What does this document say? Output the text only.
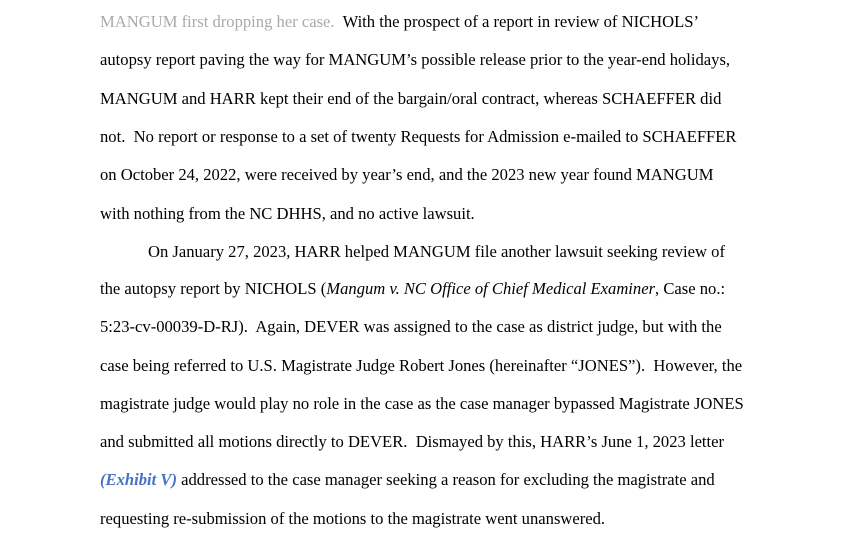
MANGUM first dropping her case.  With the prospect of a report in review of NICHOLS’
autopsy report paving the way for MANGUM’s possible release prior to the year-end holidays,
MANGUM and HARR kept their end of the bargain/oral contract, whereas SCHAEFFER did
not.  No report or response to a set of twenty Requests for Admission e-mailed to SCHAEFFER
on October 24, 2022, were received by year’s end, and the 2023 new year found MANGUM
with nothing from the NC DHHS, and no active lawsuit.
On January 27, 2023, HARR helped MANGUM file another lawsuit seeking review of
the autopsy report by NICHOLS (Mangum v. NC Office of Chief Medical Examiner, Case no.:
5:23-cv-00039-D-RJ).  Again, DEVER was assigned to the case as district judge, but with the
case being referred to U.S. Magistrate Judge Robert Jones (hereinafter “JONES”).  However, the
magistrate judge would play no role in the case as the case manager bypassed Magistrate JONES
and submitted all motions directly to DEVER.  Dismayed by this, HARR’s June 1, 2023 letter
(Exhibit V) addressed to the case manager seeking a reason for excluding the magistrate and
requesting re-submission of the motions to the magistrate went unanswered.
